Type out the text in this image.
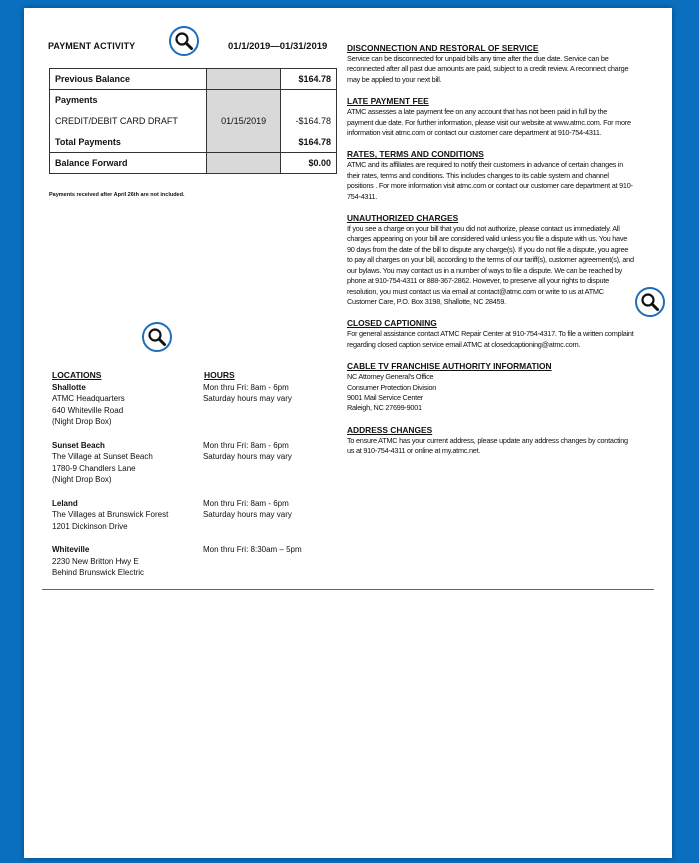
PAYMENT ACTIVITY	01/1/2019—01/31/2019
Previous Balance		$164.78
Payments		
CREDIT/DEBIT CARD DRAFT	01/15/2019	-$164.78
Total Payments		$164.78
Balance Forward		$0.00
Payments received after April 26th are not included.
LOCATIONS	HOURS
Shallotte
ATMC Headquarters
640 Whiteville Road
(Night Drop Box)
Mon thru Fri: 8am - 6pm
Saturday hours may vary
Sunset Beach
The Village at Sunset Beach
1780-9 Chandlers Lane
(Night Drop Box)
Mon thru Fri: 8am - 6pm
Saturday hours may vary
Leland
The Villages at Brunswick Forest
1201 Dickinson Drive
Mon thru Fri: 8am - 6pm
Saturday hours may vary
Whiteville
2230 New Britton Hwy E
Behind Brunswick Electric
Mon thru Fri: 8:30am – 5pm
DISCONNECTION AND RESTORAL OF SERVICE

Service can be disconnected for unpaid bills any time after the due date. Service can be reconnected after all past due amounts are paid, subject to a credit review. A reconnect charge may be applied to your next bill.

LATE PAYMENT FEE

ATMC assesses a late payment fee on any account that has not been paid in full by the payment due date. For further information, please visit our website at www.atmc.com. For more information visit atmc.com or contact our customer care department at 910-754-4311.

RATES, TERMS AND CONDITIONS

ATMC and its affiliates are required to notify their customers in advance of certain changes in their rates, terms and conditions. This includes changes to its cable system and channel positions . For more information visit atmc.com or contact our customer care department at 910-754-4311.

UNAUTHORIZED CHARGES

If you see a charge on your bill that you did not authorize, please contact us immediately. All charges appearing on your bill are considered valid unless you file a dispute with us. You have 90 days from the date of the bill to dispute any charge(s). If you do not file a dispute, you agree to pay all charges on your bill, according to the terms of our tariff(s), customer agreement(s), and our bylaws. You may contact us in a number of ways to file a dispute. We can be reached by phone at 910-754-4311 or 888-367-2862. However, to preserve all your rights to dispute resolution, you must contact us via email at contact@atmc.com or write to us at ATMC Customer Care, P.O. Box 3198, Shallotte, NC 28459.

CLOSED CAPTIONING

For general assistance contact ATMC Repair Center at 910-754-4317. To file a written complaint regarding closed caption service email ATMC at closedcaptioning@atmc.com.

CABLE TV FRANCHISE AUTHORITY INFORMATION

NC Attorney General's Office

Consumer Protection Division

9001 Mail Service Center

Raleigh, NC 27699-9001

ADDRESS CHANGES

To ensure ATMC has your current address, please update any address changes by contacting us at 910-754-4311 or online at my.atmc.net.
